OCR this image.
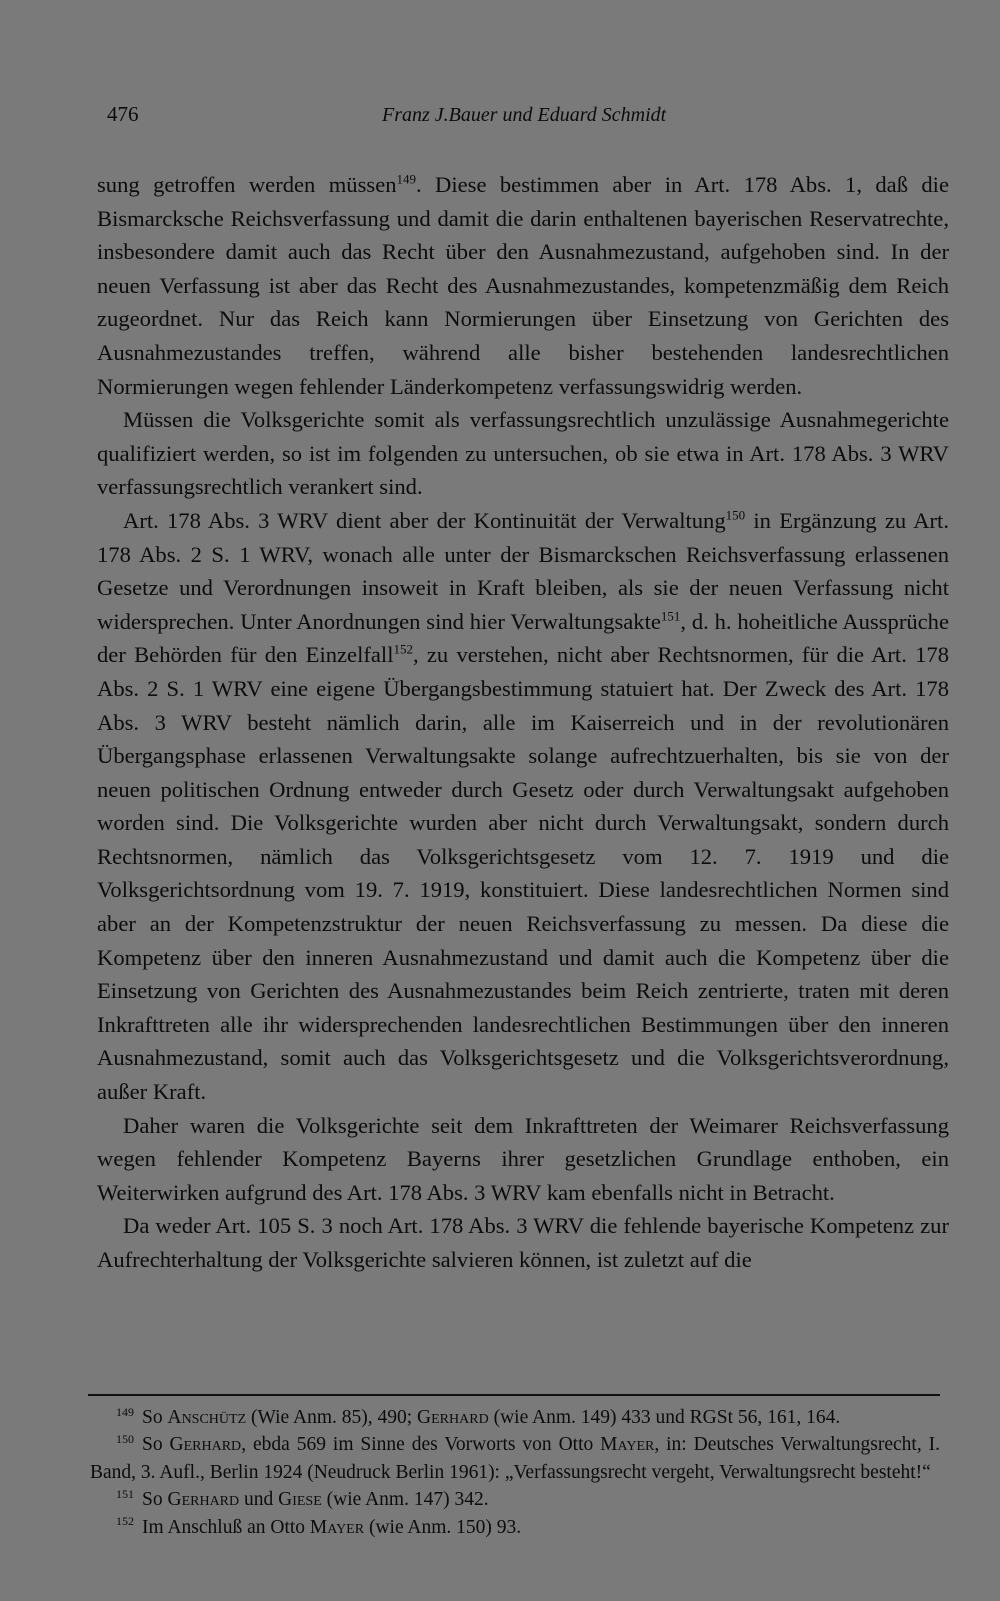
476	Franz J.Bauer und Eduard Schmidt

sung getroffen werden müssen$^{149}$. Diese bestimmen aber in Art. 178 Abs. 1, daß die Bismarcksche Reichsverfassung und damit die darin enthaltenen bayerischen Reservatrechte, insbesondere damit auch das Recht über den Ausnahmezustand, aufgehoben sind. In der neuen Verfassung ist aber das Recht des Ausnahmezustandes, kompetenzmäßig dem Reich zugeordnet. Nur das Reich kann Normierungen über Einsetzung von Gerichten des Ausnahmezustandes treffen, während alle bisher bestehenden landesrechtlichen Normierungen wegen fehlender Länderkompetenz verfassungswidrig werden.

Müssen die Volksgerichte somit als verfassungsrechtlich unzulässige Ausnahmegerichte qualifiziert werden, so ist im folgenden zu untersuchen, ob sie etwa in Art. 178 Abs. 3 WRV verfassungsrechtlich verankert sind.

Art. 178 Abs. 3 WRV dient aber der Kontinuität der Verwaltung$^{150}$ in Ergänzung zu Art. 178 Abs. 2 S. 1 WRV, wonach alle unter der Bismarckschen Reichsverfassung erlassenen Gesetze und Verordnungen insoweit in Kraft bleiben, als sie der neuen Verfassung nicht widersprechen. Unter Anordnungen sind hier Verwaltungsakte$^{151}$, d. h. hoheitliche Aussprüche der Behörden für den Einzelfall$^{152}$, zu verstehen, nicht aber Rechtsnormen, für die Art. 178 Abs. 2 S. 1 WRV eine eigene Übergangsbestimmung statuiert hat. Der Zweck des Art. 178 Abs. 3 WRV besteht nämlich darin, alle im Kaiserreich und in der revolutionären Übergangsphase erlassenen Verwaltungsakte solange aufrechtzuerhalten, bis sie von der neuen politischen Ordnung entweder durch Gesetz oder durch Verwaltungsakt aufgehoben worden sind. Die Volksgerichte wurden aber nicht durch Verwaltungsakt, sondern durch Rechtsnormen, nämlich das Volksgerichtsgesetz vom 12. 7. 1919 und die Volksgerichtsordnung vom 19. 7. 1919, konstituiert. Diese landesrechtlichen Normen sind aber an der Kompetenzstruktur der neuen Reichsverfassung zu messen. Da diese die Kompetenz über den inneren Ausnahmezustand und damit auch die Kompetenz über die Einsetzung von Gerichten des Ausnahmezustandes beim Reich zentrierte, traten mit deren Inkrafttreten alle ihr widersprechenden landesrechtlichen Bestimmungen über den inneren Ausnahmezustand, somit auch das Volksgerichtsgesetz und die Volksgerichtsverordnung, außer Kraft.

Daher waren die Volksgerichte seit dem Inkrafttreten der Weimarer Reichsverfassung wegen fehlender Kompetenz Bayerns ihrer gesetzlichen Grundlage enthoben, ein Weiterwirken aufgrund des Art. 178 Abs. 3 WRV kam ebenfalls nicht in Betracht.

Da weder Art. 105 S. 3 noch Art. 178 Abs. 3 WRV die fehlende bayerische Kompetenz zur Aufrechterhaltung der Volksgerichte salvieren können, ist zuletzt auf die

$^{149}$ So Anschütz (Wie Anm. 85), 490; Gerhard (wie Anm. 149) 433 und RGSt 56, 161, 164.

$^{150}$ So Gerhard, ebda 569 im Sinne des Vorworts von Otto Mayer, in: Deutsches Verwaltungsrecht, I. Band, 3. Aufl., Berlin 1924 (Neudruck Berlin 1961): „Verfassungsrecht vergeht, Verwaltungsrecht besteht!“

$^{151}$ So Gerhard und Giese (wie Anm. 147) 342.

$^{152}$ Im Anschluß an Otto Mayer (wie Anm. 150) 93.
